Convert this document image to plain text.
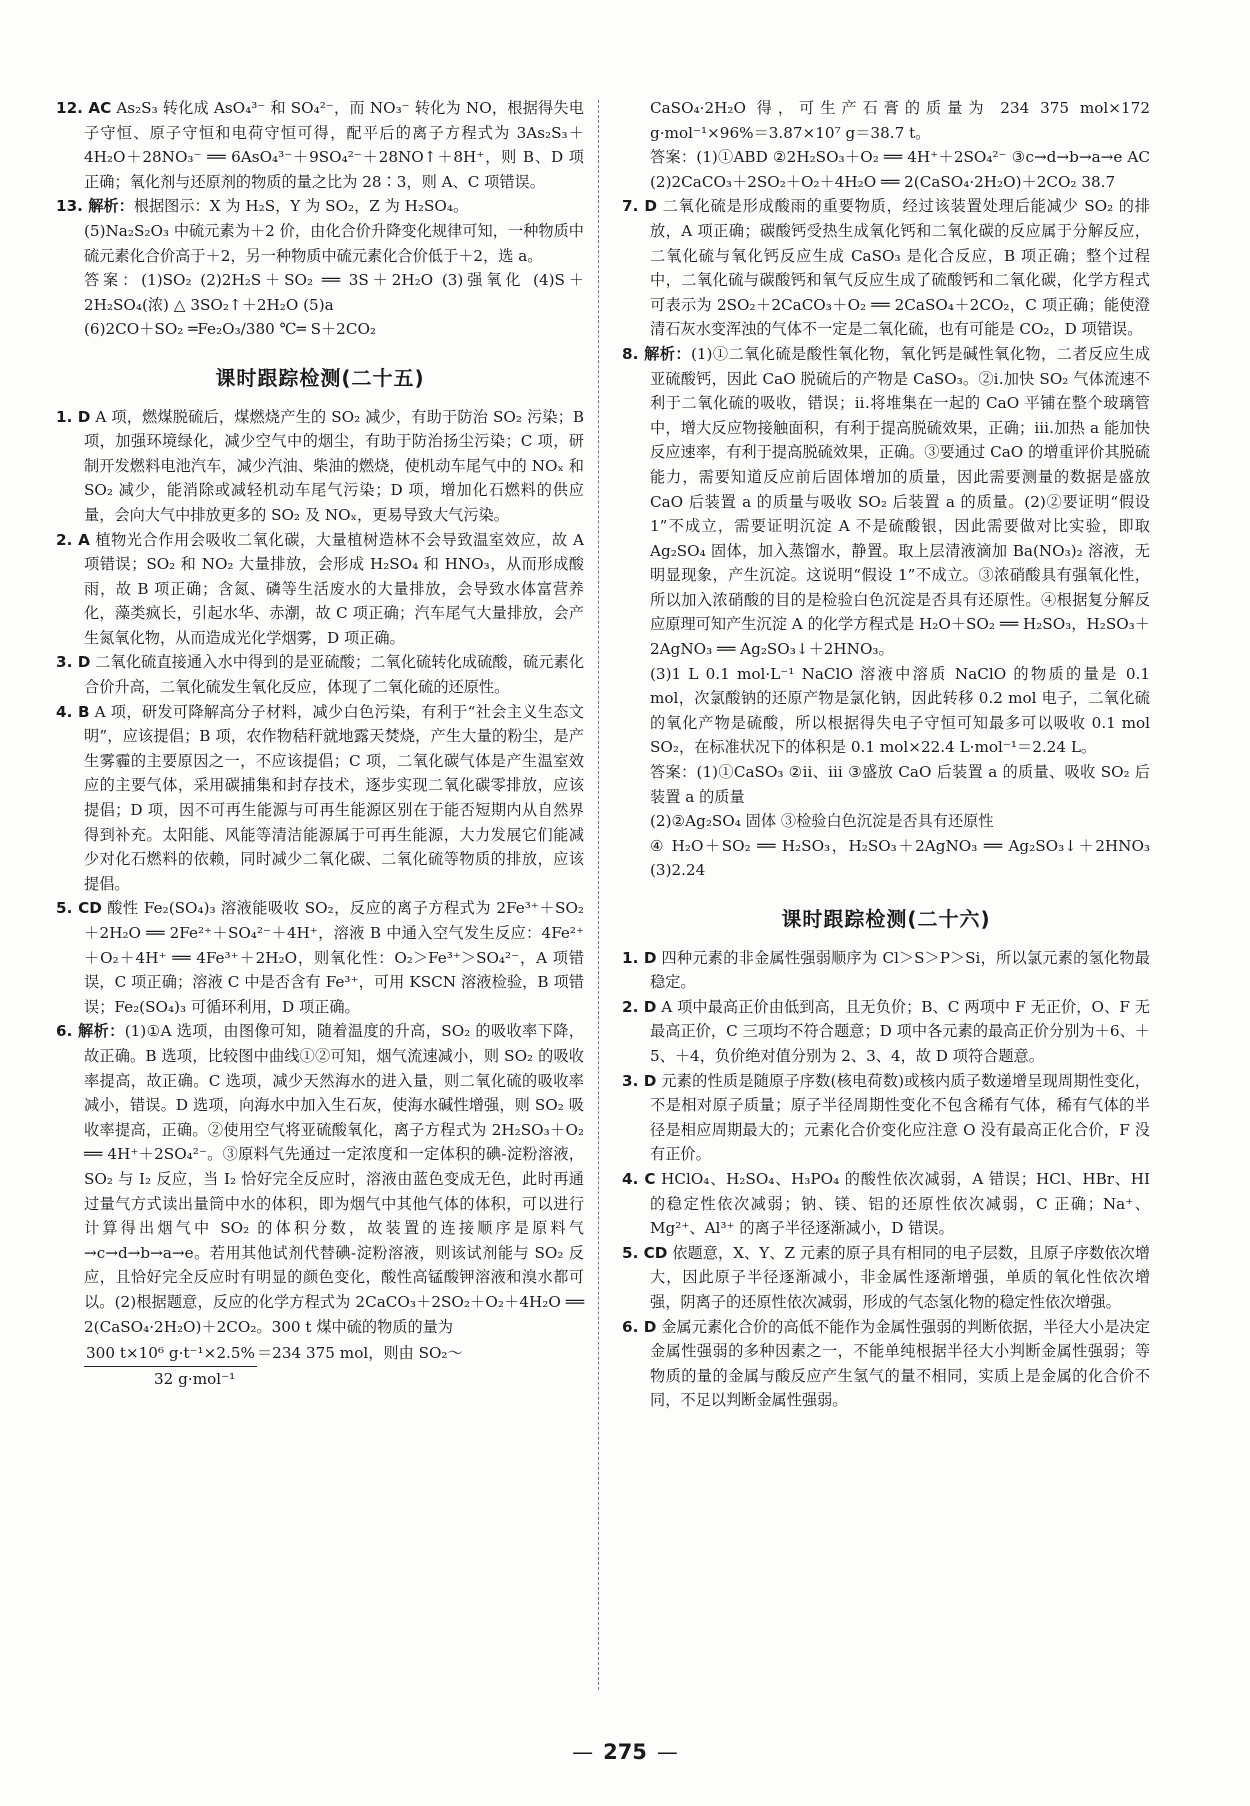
12. AC As₂S₃ 转化成 AsO₄³⁻ 和 SO₄²⁻，而 NO₃⁻ 转化为 NO，根据得失电子守恒、原子守恒和电荷守恒可得，配平后的离子方程式为 3As₂S₃＋4H₂O＋28NO₃⁻ ══ 6AsO₄³⁻＋9SO₄²⁻＋28NO↑＋8H⁺，则 B、D 项正确；氧化剂与还原剂的物质的量之比为 28∶3，则 A、C 项错误。

13. 解析：根据图示：X 为 H₂S，Y 为 SO₂，Z 为 H₂SO₄。

(5)Na₂S₂O₃ 中硫元素为＋2 价，由化合价升降变化规律可知，一种物质中硫元素化合价高于＋2，另一种物质中硫元素化合价低于＋2，选 a。

答案：(1)SO₂ (2)2H₂S＋SO₂ ══ 3S＋2H₂O (3)强氧化 (4)S＋2H₂SO₄(浓) △ 3SO₂↑＋2H₂O (5)a

(6)2CO＋SO₂ ═Fe₂O₃/380 ℃═ S＋2CO₂

课时跟踪检测(二十五)

1. D A 项，燃煤脱硫后，煤燃烧产生的 SO₂ 减少，有助于防治 SO₂ 污染；B 项，加强环境绿化，减少空气中的烟尘，有助于防治扬尘污染；C 项，研制开发燃料电池汽车，减少汽油、柴油的燃烧，使机动车尾气中的 NOₓ 和 SO₂ 减少，能消除或减轻机动车尾气污染；D 项，增加化石燃料的供应量，会向大气中排放更多的 SO₂ 及 NOₓ，更易导致大气污染。

2. A 植物光合作用会吸收二氧化碳，大量植树造林不会导致温室效应，故 A 项错误；SO₂ 和 NO₂ 大量排放，会形成 H₂SO₄ 和 HNO₃，从而形成酸雨，故 B 项正确；含氮、磷等生活废水的大量排放，会导致水体富营养化，藻类疯长，引起水华、赤潮，故 C 项正确；汽车尾气大量排放，会产生氮氧化物，从而造成光化学烟雾，D 项正确。

3. D 二氧化硫直接通入水中得到的是亚硫酸；二氧化硫转化成硫酸，硫元素化合价升高，二氧化硫发生氧化反应，体现了二氧化硫的还原性。

4. B A 项，研发可降解高分子材料，减少白色污染，有利于“社会主义生态文明”，应该提倡；B 项，农作物秸秆就地露天焚烧，产生大量的粉尘，是产生雾霾的主要原因之一，不应该提倡；C 项，二氧化碳气体是产生温室效应的主要气体，采用碳捕集和封存技术，逐步实现二氧化碳零排放，应该提倡；D 项，因不可再生能源与可再生能源区别在于能否短期内从自然界得到补充。太阳能、风能等清洁能源属于可再生能源，大力发展它们能减少对化石燃料的依赖，同时减少二氧化碳、二氧化硫等物质的排放，应该提倡。

5. CD 酸性 Fe₂(SO₄)₃ 溶液能吸收 SO₂，反应的离子方程式为 2Fe³⁺＋SO₂＋2H₂O ══ 2Fe²⁺＋SO₄²⁻＋4H⁺，溶液 B 中通入空气发生反应：4Fe²⁺＋O₂＋4H⁺ ══ 4Fe³⁺＋2H₂O，则氧化性：O₂＞Fe³⁺＞SO₄²⁻，A 项错误，C 项正确；溶液 C 中是否含有 Fe³⁺，可用 KSCN 溶液检验，B 项错误；Fe₂(SO₄)₃ 可循环利用，D 项正确。

6. 解析：(1)①A 选项，由图像可知，随着温度的升高，SO₂ 的吸收率下降，故正确。B 选项，比较图中曲线①②可知，烟气流速减小，则 SO₂ 的吸收率提高，故正确。C 选项，减少天然海水的进入量，则二氧化硫的吸收率减小，错误。D 选项，向海水中加入生石灰，使海水碱性增强，则 SO₂ 吸收率提高，正确。②使用空气将亚硫酸氧化，离子方程式为 2H₂SO₃＋O₂ ══ 4H⁺＋2SO₄²⁻。③原料气先通过一定浓度和一定体积的碘-淀粉溶液，SO₂ 与 I₂ 反应，当 I₂ 恰好完全反应时，溶液由蓝色变成无色，此时再通过量气方式读出量筒中水的体积，即为烟气中其他气体的体积，可以进行计算得出烟气中 SO₂ 的体积分数，故装置的连接顺序是原料气→c→d→b→a→e。若用其他试剂代替碘-淀粉溶液，则该试剂能与 SO₂ 反应，且恰好完全反应时有明显的颜色变化，酸性高锰酸钾溶液和溴水都可以。(2)根据题意，反应的化学方程式为 2CaCO₃＋2SO₂＋O₂＋4H₂O ══ 2(CaSO₄·2H₂O)＋2CO₂。300 t 煤中硫的物质的量为

300 t×10⁶ g·t⁻¹×2.5% ＝234 375 mol，则由 SO₂～
32 g·mol⁻¹

CaSO₄·2H₂O 得，可生产石膏的质量为 234 375 mol×172 g·mol⁻¹×96%＝3.87×10⁷ g＝38.7 t。

答案：(1)①ABD ②2H₂SO₃＋O₂ ══ 4H⁺＋2SO₄²⁻ ③c→d→b→a→e AC (2)2CaCO₃＋2SO₂＋O₂＋4H₂O ══ 2(CaSO₄·2H₂O)＋2CO₂ 38.7

7. D 二氧化硫是形成酸雨的重要物质，经过该装置处理后能减少 SO₂ 的排放，A 项正确；碳酸钙受热生成氧化钙和二氧化碳的反应属于分解反应，二氧化硫与氧化钙反应生成 CaSO₃ 是化合反应，B 项正确；整个过程中，二氧化硫与碳酸钙和氧气反应生成了硫酸钙和二氧化碳，化学方程式可表示为 2SO₂＋2CaCO₃＋O₂ ══ 2CaSO₄＋2CO₂，C 项正确；能使澄清石灰水变浑浊的气体不一定是二氧化硫，也有可能是 CO₂，D 项错误。

8. 解析：(1)①二氧化硫是酸性氧化物，氧化钙是碱性氧化物，二者反应生成亚硫酸钙，因此 CaO 脱硫后的产物是 CaSO₃。②ⅰ.加快 SO₂ 气体流速不利于二氧化硫的吸收，错误；ⅱ.将堆集在一起的 CaO 平铺在整个玻璃管中，增大反应物接触面积，有利于提高脱硫效果，正确；ⅲ.加热 a 能加快反应速率，有利于提高脱硫效果，正确。③要通过 CaO 的增重评价其脱硫能力，需要知道反应前后固体增加的质量，因此需要测量的数据是盛放 CaO 后装置 a 的质量与吸收 SO₂ 后装置 a 的质量。(2)②要证明“假设 1”不成立，需要证明沉淀 A 不是硫酸银，因此需要做对比实验，即取 Ag₂SO₄ 固体，加入蒸馏水，静置。取上层清液滴加 Ba(NO₃)₂ 溶液，无明显现象，产生沉淀。这说明“假设 1”不成立。③浓硝酸具有强氧化性，所以加入浓硝酸的目的是检验白色沉淀是否具有还原性。④根据复分解反应原理可知产生沉淀 A 的化学方程式是 H₂O＋SO₂ ══ H₂SO₃，H₂SO₃＋2AgNO₃ ══ Ag₂SO₃↓＋2HNO₃。

(3)1 L 0.1 mol·L⁻¹ NaClO 溶液中溶质 NaClO 的物质的量是 0.1 mol，次氯酸钠的还原产物是氯化钠，因此转移 0.2 mol 电子，二氧化硫的氧化产物是硫酸，所以根据得失电子守恒可知最多可以吸收 0.1 mol SO₂，在标准状况下的体积是 0.1 mol×22.4 L·mol⁻¹＝2.24 L。

答案：(1)①CaSO₃ ②ⅱ、ⅲ ③盛放 CaO 后装置 a 的质量、吸收 SO₂ 后装置 a 的质量

(2)②Ag₂SO₄ 固体 ③检验白色沉淀是否具有还原性

④ H₂O＋SO₂ ══ H₂SO₃，H₂SO₃＋2AgNO₃ ══ Ag₂SO₃↓＋2HNO₃ (3)2.24

课时跟踪检测(二十六)

1. D 四种元素的非金属性强弱顺序为 Cl＞S＞P＞Si，所以氯元素的氢化物最稳定。

2. D A 项中最高正价由低到高，且无负价；B、C 两项中 F 无正价，O、F 无最高正价，C 三项均不符合题意；D 项中各元素的最高正价分别为＋6、＋5、＋4，负价绝对值分别为 2、3、4，故 D 项符合题意。

3. D 元素的性质是随原子序数(核电荷数)或核内质子数递增呈现周期性变化，不是相对原子质量；原子半径周期性变化不包含稀有气体，稀有气体的半径是相应周期最大的；元素化合价变化应注意 O 没有最高正化合价，F 没有正价。

4. C HClO₄、H₂SO₄、H₃PO₄ 的酸性依次减弱，A 错误；HCl、HBr、HI 的稳定性依次减弱；钠、镁、铝的还原性依次减弱，C 正确；Na⁺、Mg²⁺、Al³⁺ 的离子半径逐渐减小，D 错误。

5. CD 依题意，X、Y、Z 元素的原子具有相同的电子层数，且原子序数依次增大，因此原子半径逐渐减小，非金属性逐渐增强，单质的氧化性依次增强，阴离子的还原性依次减弱，形成的气态氢化物的稳定性依次增强。

6. D 金属元素化合价的高低不能作为金属性强弱的判断依据，半径大小是决定金属性强弱的多种因素之一，不能单纯根据半径大小判断金属性强弱；等物质的量的金属与酸反应产生氢气的量不相同，实质上是金属的化合价不同，不足以判断金属性强弱。

— 275 —
